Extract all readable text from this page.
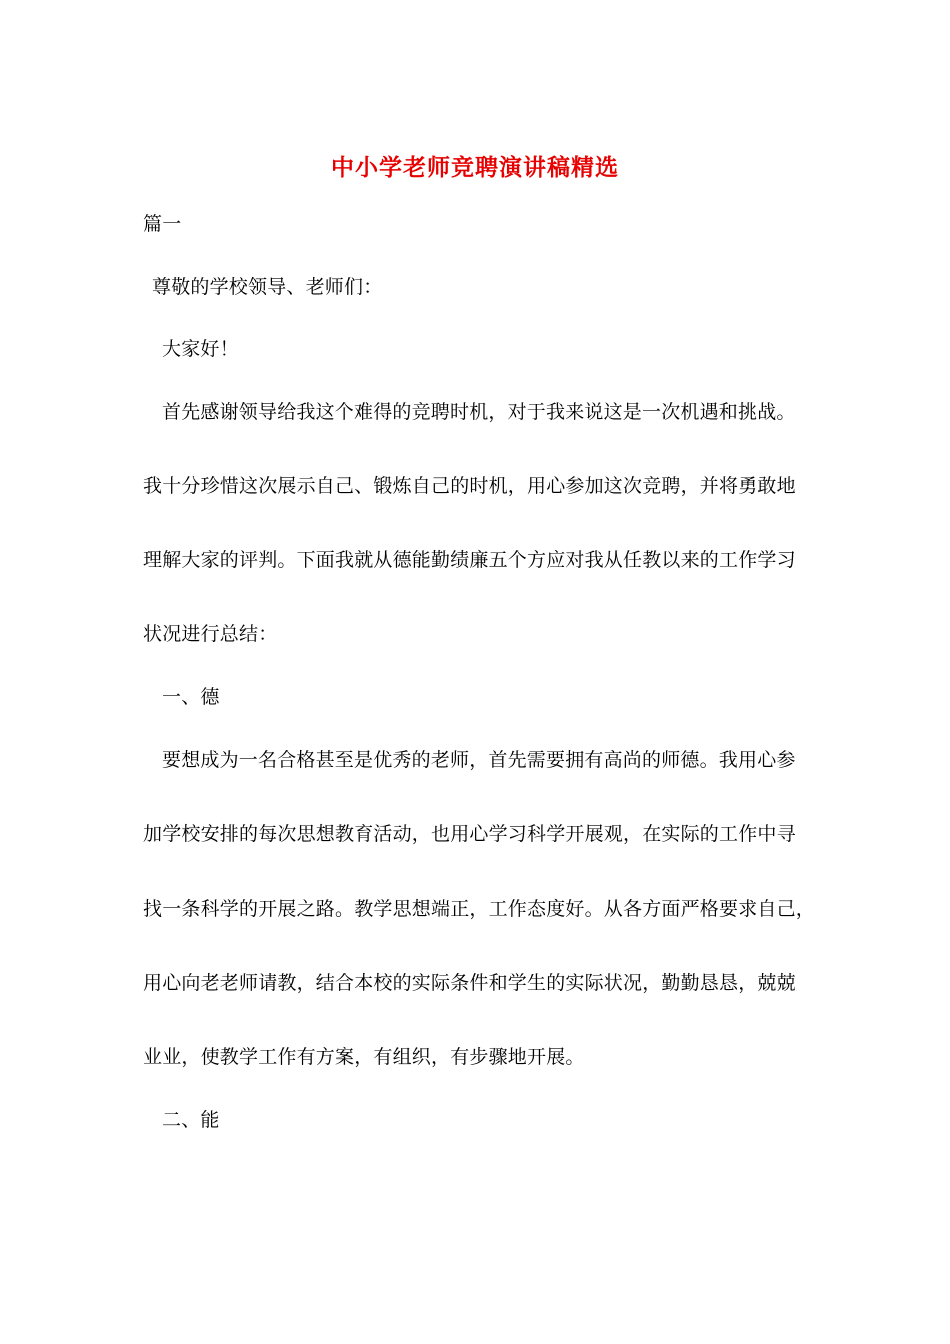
中小学老师竞聘演讲稿精选
篇一
尊敬的学校领导、老师们：
大家好！
首先感谢领导给我这个难得的竞聘时机，对于我来说这是一次机遇和挑战。
我十分珍惜这次展示自己、锻炼自己的时机，用心参加这次竞聘，并将勇敢地
理解大家的评判。下面我就从德能勤绩廉五个方应对我从任教以来的工作学习
状况进行总结：
一、德
要想成为一名合格甚至是优秀的老师，首先需要拥有高尚的师德。我用心参
加学校安排的每次思想教育活动，也用心学习科学开展观，在实际的工作中寻
找一条科学的开展之路。教学思想端正，工作态度好。从各方面严格要求自己，
用心向老老师请教，结合本校的实际条件和学生的实际状况，勤勤恳恳，兢兢
业业，使教学工作有方案，有组织，有步骤地开展。
二、能
